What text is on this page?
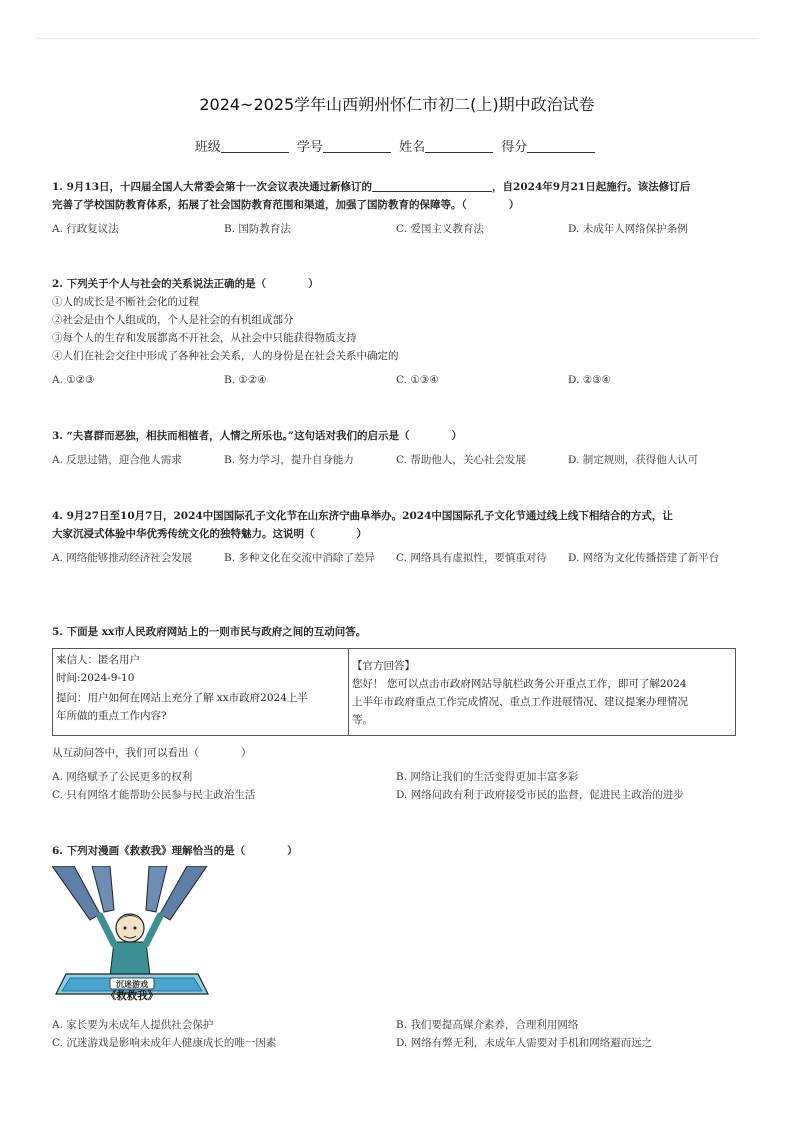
2024~2025学年山西朔州怀仁市初二(上)期中政治试卷
班级	学号	姓名	得分
1. 9月13日，十四届全国人大常委会第十一次会议表决通过新修订的	，自2024年9月21日起施行。该法修订后
完善了学校国防教育体系，拓展了社会国防教育范围和渠道，加强了国防教育的保障等。（　　　　）
A. 行政复议法	B. 国防教育法	C. 爱国主义教育法	D. 未成年人网络保护条例
2. 下列关于个人与社会的关系说法正确的是（　　　　）
①人的成长是不断社会化的过程
②社会是由个人组成的，个人是社会的有机组成部分
③每个人的生存和发展都离不开社会，从社会中只能获得物质支持
④人们在社会交往中形成了各种社会关系，人的身份是在社会关系中确定的
A. ①②③	B. ①②④	C. ①③④	D. ②③④
3. “夫喜群而恶独，相扶而相植者，人情之所乐也。”这句话对我们的启示是（　　　　）
A. 反思过错，迎合他人需求	B. 努力学习，提升自身能力	C. 帮助他人，关心社会发展	D. 制定规则，获得他人认可
4. 9月27日至10月7日，2024中国国际孔子文化节在山东济宁曲阜举办。2024中国国际孔子文化节通过线上线下相结合的方式，让
大家沉浸式体验中华优秀传统文化的独特魅力。这说明（　　　　）
A. 网络能够推动经济社会发展	B. 多种文化在交流中消除了差异	C. 网络具有虚拟性，要慎重对待	D. 网络为文化传播搭建了新平台
5. 下面是 xx市人民政府网站上的一则市民与政府之间的互动问答。
来信人：匿名用户
时间:2024-9-10
提问：用户如何在网站上充分了解 xx市政府2024上半
年所做的重点工作内容?
【官方回答】
您好！ 您可以点击市政府网站导航栏政务公开重点工作，即可了解2024
上半年市政府重点工作完成情况、重点工作进展情况、建议提案办理情况
等。
从互动问答中，我们可以看出（　　　　）
A. 网络赋予了公民更多的权利	B. 网络让我们的生活变得更加丰富多彩
C. 只有网络才能帮助公民参与民主政治生活	D. 网络问政有利于政府接受市民的监督，促进民主政治的进步
6. 下列对漫画《救救我》理解恰当的是（　　　　）
沉迷游戏
《救救我》
A. 家长要为未成年人提供社会保护	B. 我们要提高媒介素养，合理利用网络
C. 沉迷游戏是影响未成年人健康成长的唯一因素	D. 网络有弊无利，未成年人需要对手机和网络避而远之
